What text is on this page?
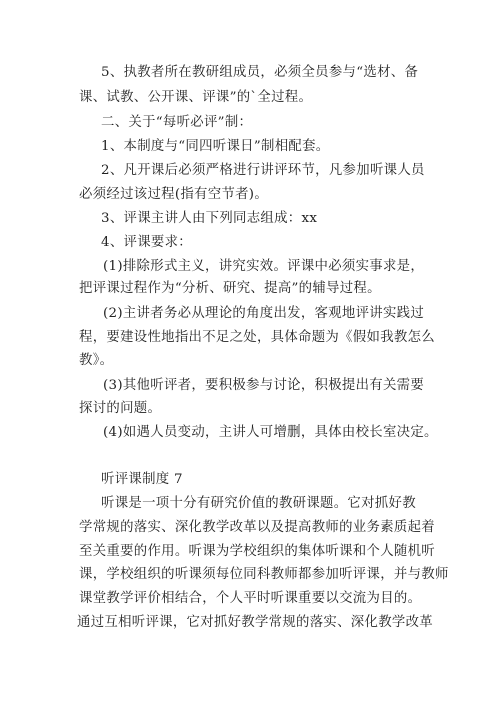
5、执教者所在教研组成员，必须全员参与“选材、备
课、试教、公开课、评课”的`全过程。
二、关于“每听必评”制：
1、本制度与“同四听课日”制相配套。
2、凡开课后必须严格进行讲评环节，凡参加听课人员
必须经过该过程(指有空节者)。
3、评课主讲人由下列同志组成：xx
4、评课要求：
(1)排除形式主义，讲究实效。评课中必须实事求是，
把评课过程作为“分析、研究、提高”的辅导过程。
(2)主讲者务必从理论的角度出发，客观地评讲实践过
程，要建设性地指出不足之处，具体命题为《假如我教怎么
教》。
(3)其他听评者，要积极参与讨论，积极提出有关需要
探讨的问题。
(4)如遇人员变动，主讲人可增删，具体由校长室决定。
听评课制度 7
听课是一项十分有研究价值的教研课题。它对抓好教
学常规的落实、深化教学改革以及提高教师的业务素质起着
至关重要的作用。听课为学校组织的集体听课和个人随机听
课，学校组织的听课须每位同科教师都参加听评课，并与教师
课堂教学评价相结合，个人平时听课重要以交流为目的。
通过互相听评课，它对抓好教学常规的落实、深化教学改革
